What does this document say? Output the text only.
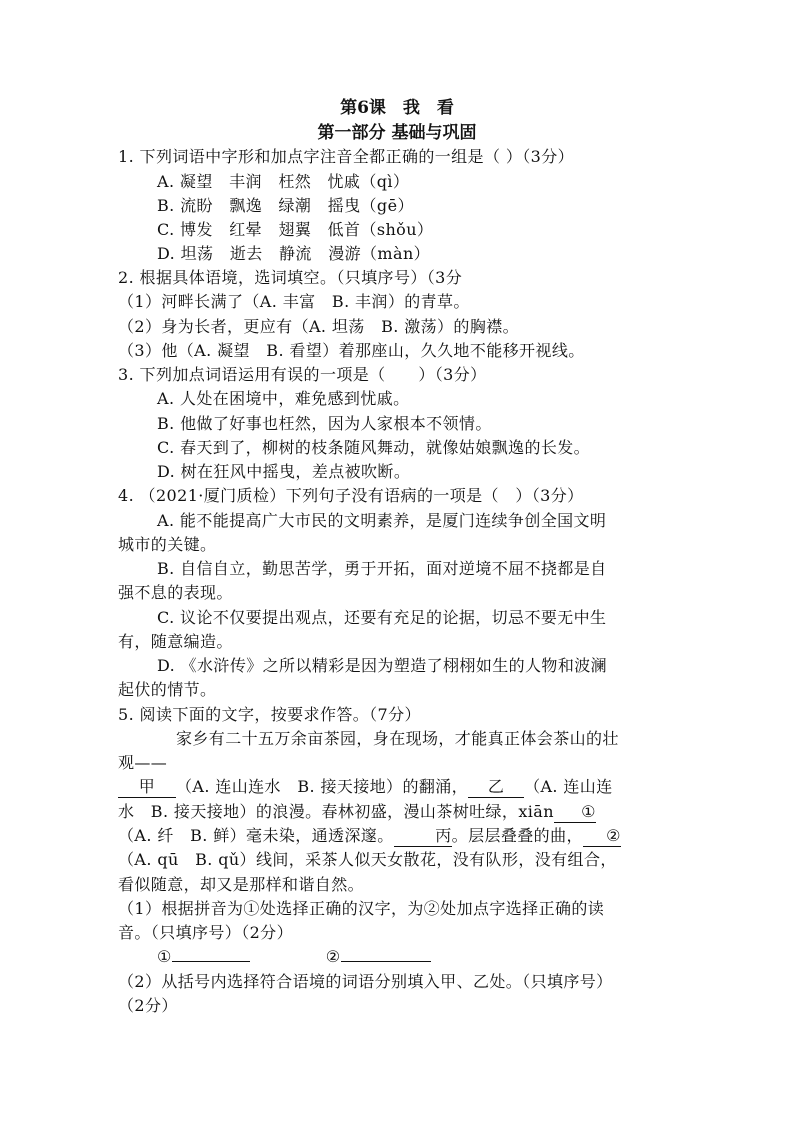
第6课　我　看
第一部分 基础与巩固
1. 下列词语中字形和加点字注音全都正确的一组是（ ）（3分）
A. 凝望　丰润　枉然　忧戚（qì）
B. 流盼　飘逸　绿潮　摇曳（gē）
C. 博发　红晕　翅翼　低首（shǒu）
D. 坦荡　逝去　静流　漫游（màn）
2. 根据具体语境，选词填空。（只填序号）（3分
（1）河畔长满了（A. 丰富　B. 丰润）的青草。
（2）身为长者，更应有（A. 坦荡　B. 激荡）的胸襟。
（3）他（A. 凝望　B. 看望）着那座山，久久地不能移开视线。
3. 下列加点词语运用有误的一项是（　　）（3分）
A. 人处在困境中，难免感到忧戚。
B. 他做了好事也枉然，因为人家根本不领情。
C. 春天到了，柳树的枝条随风舞动，就像姑娘飘逸的长发。
D. 树在狂风中摇曳，差点被吹断。
4. （2021·厦门质检）下列句子没有语病的一项是（　）（3分）
A. 能不能提高广大市民的文明素养，是厦门连续争创全国文明
城市的关键。
B. 自信自立，勤思苦学，勇于开拓，面对逆境不屈不挠都是自
强不息的表现。
C. 议论不仅要提出观点，还要有充足的论据，切忌不要无中生
有，随意编造。
D. 《水浒传》之所以精彩是因为塑造了栩栩如生的人物和波澜
起伏的情节。
5. 阅读下面的文字，按要求作答。（7分）
家乡有二十五万余亩茶园，身在现场，才能真正体会茶山的壮
观——
甲 （A. 连山连水　B. 接天接地）的翻涌， 乙 （A. 连山连
水　B. 接天接地）的浪漫。春林初盛，漫山茶树吐绿，xiān ①
（A. 纤　B. 鲜）毫未染，通透深邃。	丙。层层叠叠的曲， ②
（A. qū　B. qǔ）线间，采茶人似天女散花，没有队形，没有组合，
看似随意，却又是那样和谐自然。
（1）根据拼音为①处选择正确的汉字，为②处加点字选择正确的读
音。（只填序号）（2分）
①	②
（2）从括号内选择符合语境的词语分别填入甲、乙处。（只填序号）
（2分）
